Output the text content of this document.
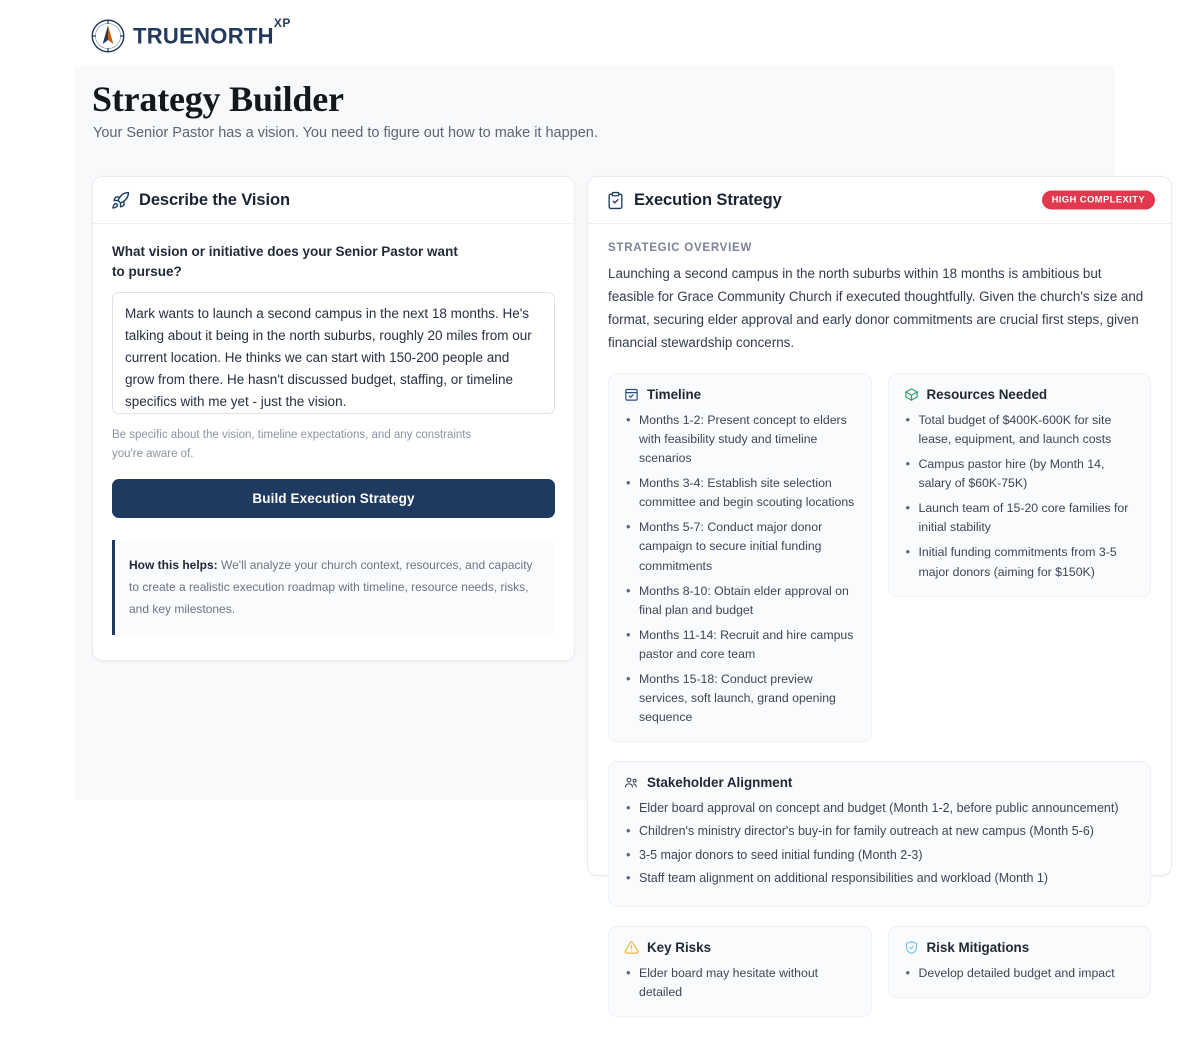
$TRUENORTH^{XP}$
Strategy Builder

Your Senior Pastor has a vision. You need to figure out how to make it happen.

Describe the Vision
What vision or initiative does your Senior Pastor want to pursue?
Mark wants to launch a second campus in the next 18 months. He's talking about it being in the north suburbs, roughly 20 miles from our current location. He thinks we can start with 150-200 people and grow from there. He hasn't discussed budget, staffing, or timeline specifics with me yet - just the vision.
Be specific about the vision, timeline expectations, and any constraints you're aware of.
Build Execution Strategy
How this helps: We'll analyze your church context, resources, and capacity to create a realistic execution roadmap with timeline, resource needs, risks, and key milestones.
Execution Strategy	HIGH COMPLEXITY
STRATEGIC OVERVIEW

Launching a second campus in the north suburbs within 18 months is ambitious but feasible for Grace Community Church if executed thoughtfully. Given the church's size and format, securing elder approval and early donor commitments are crucial first steps, given financial stewardship concerns.

Timeline
• Months 1-2: Present concept to elders with feasibility study and timeline scenarios
• Months 3-4: Establish site selection committee and begin scouting locations
• Months 5-7: Conduct major donor campaign to secure initial funding commitments
• Months 8-10: Obtain elder approval on final plan and budget
• Months 11-14: Recruit and hire campus pastor and core team
• Months 15-18: Conduct preview services, soft launch, grand opening sequence
Resources Needed
• Total budget of $400K-600K for site lease, equipment, and launch costs
• Campus pastor hire (by Month 14, salary of $60K-75K)
• Launch team of 15-20 core families for initial stability
• Initial funding commitments from 3-5 major donors (aiming for $150K)
Stakeholder Alignment
• Elder board approval on concept and budget (Month 1-2, before public announcement)
• Children's ministry director's buy-in for family outreach at new campus (Month 5-6)
• 3-5 major donors to seed initial funding (Month 2-3)
• Staff team alignment on additional responsibilities and workload (Month 1)
Key Risks
• Elder board may hesitate without detailed
Risk Mitigations
• Develop detailed budget and impact
